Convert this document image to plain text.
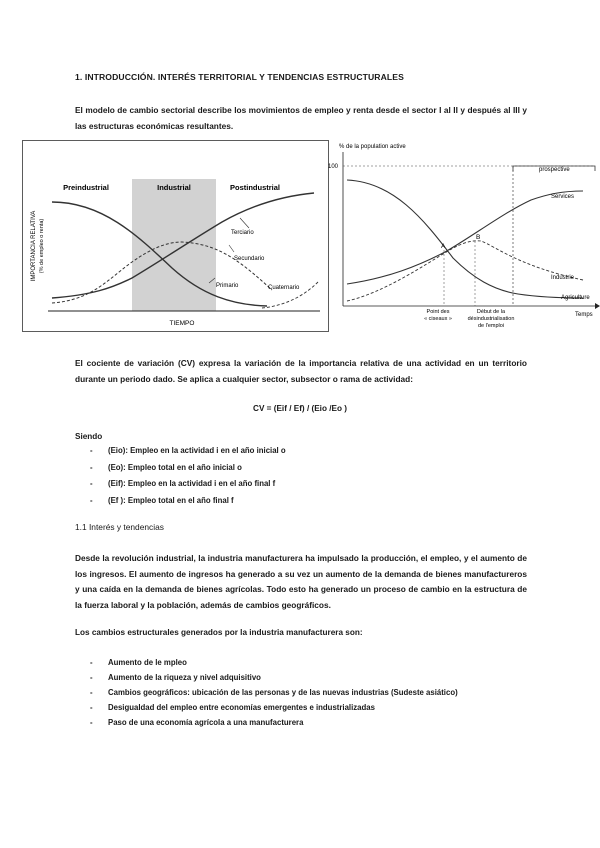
1. INTRODUCCIÓN. INTERÉS TERRITORIAL Y TENDENCIAS ESTRUCTURALES
El modelo de cambio sectorial describe los movimientos de empleo y renta desde el sector I al II y después al III y las estructuras económicas resultantes.
Preindustrial	Industrial	Postindustrial
IMPORTANCIA RELATIVA (% de empleo o renta)
TIEMPO
Terciario
Secundario
Primario	Cuaternario
% de la population active
100	prospective
A
B
Services
Industrie
Agriculture
Temps
Point des
« ciseaux »
Début de la
désindustrialisation
de l'emploi
El cociente de variación (CV) expresa la variación de la importancia relativa de una actividad en un territorio durante un periodo dado. Se aplica a cualquier sector, subsector o rama de actividad:
CV = (Eif / Ef) / (Eio /Eo )
Siendo
- (Eio): Empleo en la actividad i en el año inicial o
- (Eo): Empleo total en el año inicial o
- (Eif): Empleo en la actividad i en el año final f
- (Ef ): Empleo total en el año final f
1.1 Interés y tendencias
Desde la revolución industrial, la industria manufacturera ha impulsado la producción, el empleo, y el aumento de los ingresos. El aumento de ingresos ha generado a su vez un aumento de la demanda de bienes manufactureros y una caída en la demanda de bienes agrícolas. Todo esto ha generado un proceso de cambio en la estructura de la fuerza laboral y la población, además de cambios geográficos.
Los cambios estructurales generados por la industria manufacturera son:
- Aumento de le mpleo
- Aumento de la riqueza y nivel adquisitivo
- Cambios geográficos: ubicación de las personas y de las nuevas industrias (Sudeste asiático)
- Desigualdad del empleo entre economías emergentes e industrializadas
- Paso de una economía agrícola a una manufacturera
